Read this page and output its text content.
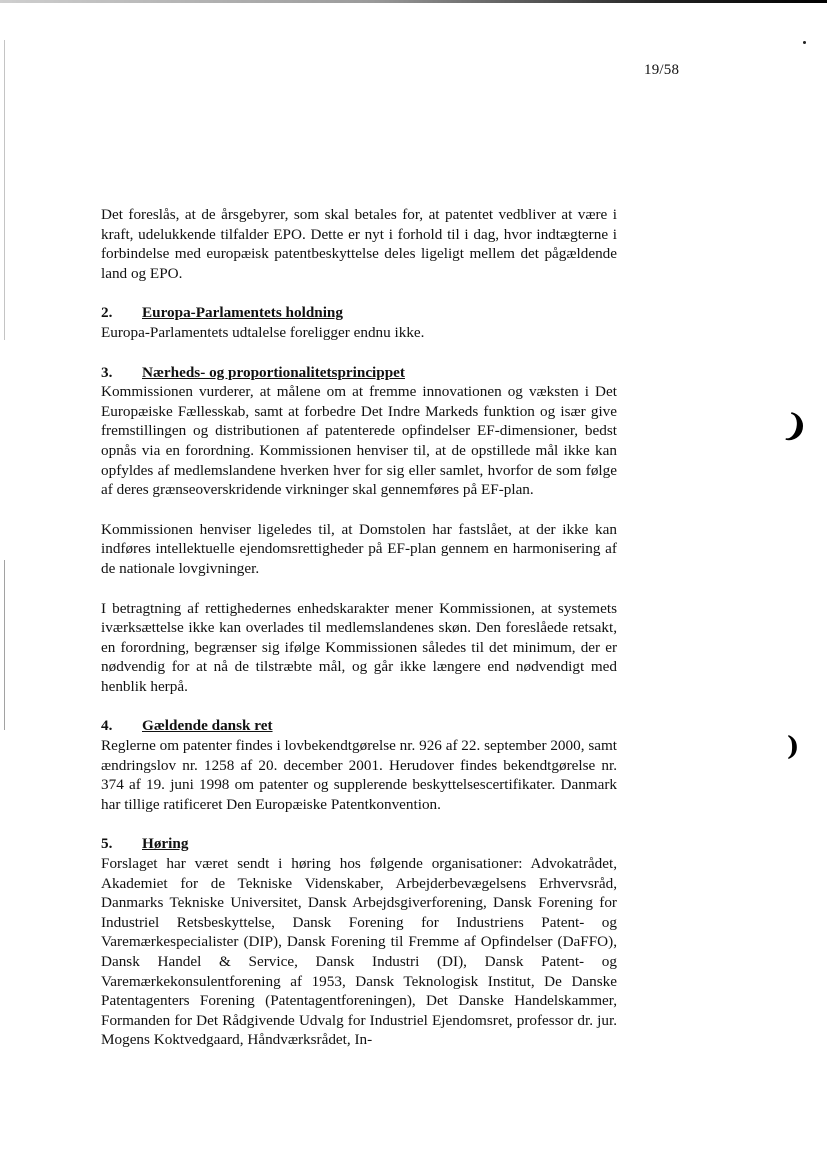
❩
)
19/58

Det foreslås, at de årsgebyrer, som skal betales for, at patentet vedbliver at være i kraft, udelukkende tilfalder EPO. Dette er nyt i forhold til i dag, hvor indtægterne i forbindelse med europæisk patentbeskyttelse deles ligeligt mellem det pågældende land og EPO.

2.	Europa-Parlamentets holdning

Europa-Parlamentets udtalelse foreligger endnu ikke.

3.	Nærheds- og proportionalitetsprincippet

Kommissionen vurderer, at målene om at fremme innovationen og væksten i Det Europæiske Fællesskab, samt at forbedre Det Indre Markeds funktion og især give fremstillingen og distributionen af patenterede opfindelser EF-dimensioner, bedst opnås via en forordning. Kommissionen henviser til, at de opstillede mål ikke kan opfyldes af medlemslandene hverken hver for sig eller samlet, hvorfor de som følge af deres grænseoverskridende virkninger skal gennemføres på EF-plan.

Kommissionen henviser ligeledes til, at Domstolen har fastslået, at der ikke kan indføres intellektuelle ejendomsrettigheder på EF-plan gennem en harmonisering af de nationale lovgivninger.

I betragtning af rettighedernes enhedskarakter mener Kommissionen, at systemets iværksættelse ikke kan overlades til medlemslandenes skøn. Den foreslåede retsakt, en forordning, begrænser sig ifølge Kommissionen således til det minimum, der er nødvendig for at nå de tilstræbte mål, og går ikke længere end nødvendigt med henblik herpå.

4.	Gældende dansk ret

Reglerne om patenter findes i lovbekendtgørelse nr. 926 af 22. september 2000, samt ændringslov nr. 1258 af 20. december 2001. Herudover findes bekendtgørelse nr. 374 af 19. juni 1998 om patenter og supplerende beskyttelsescertifikater. Danmark har tillige ratificeret Den Europæiske Patentkonvention.

5.	Høring

Forslaget har været sendt i høring hos følgende organisationer: Advokatrådet, Akademiet for de Tekniske Videnskaber, Arbejderbevægelsens Erhvervsråd, Danmarks Tekniske Universitet, Dansk Arbejdsgiverforening, Dansk Forening for Industriel Retsbeskyttelse, Dansk Forening for Industriens Patent- og Varemærkespecialister (DIP), Dansk Forening til Fremme af Opfindelser (DaFFO), Dansk Handel & Service, Dansk Industri (DI), Dansk Patent- og Varemærkekonsulentforening af 1953, Dansk Teknologisk Institut, De Danske Patentagenters Forening (Patentagentforeningen), Det Danske Handelskammer, Formanden for Det Rådgivende Udvalg for Industriel Ejendomsret, professor dr. jur. Mogens Koktvedgaard, Håndværksrådet, In-
